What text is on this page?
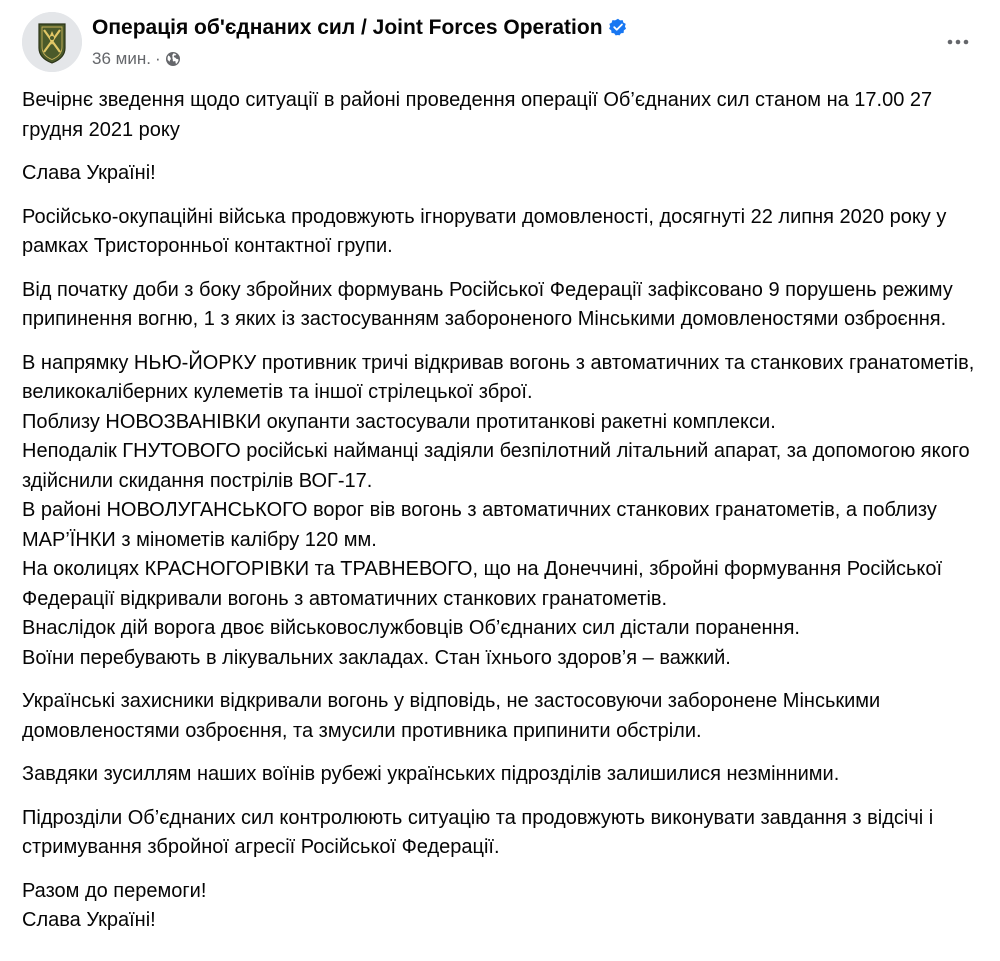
Операція об'єднаних сил / Joint Forces Operation
36 мин. ·

Вечірнє зведення щодо ситуації в районі проведення операції Об’єднаних сил станом на 17.00 27 грудня 2021 року

Слава Україні!

Російсько-окупаційні війська продовжують ігнорувати домовленості, досягнуті 22 липня 2020 року у рамках Тристоронньої контактної групи.

Від початку доби з боку збройних формувань Російської Федерації зафіксовано 9 порушень режиму припинення вогню, 1 з яких із застосуванням забороненого Мінськими домовленостями озброєння.

В напрямку НЬЮ-ЙОРКУ противник тричі відкривав вогонь з автоматичних та станкових гранатометів, великокаліберних кулеметів та іншої стрілецької зброї.
Поблизу НОВОЗВАНІВКИ окупанти застосували протитанкові ракетні комплекси.
Неподалік ГНУТОВОГО російські найманці задіяли безпілотний літальний апарат, за допомогою якого здійснили скидання пострілів ВОГ-17.
В районі НОВОЛУГАНСЬКОГО ворог вів вогонь з автоматичних станкових гранатометів, а поблизу МАР’ЇНКИ з мінометів калібру 120 мм.
На околицях КРАСНОГОРІВКИ та ТРАВНЕВОГО, що на Донеччині, збройні формування Російської Федерації відкривали вогонь з автоматичних станкових гранатометів.
Внаслідок дій ворога двоє військовослужбовців Об’єднаних сил дістали поранення.
Воїни перебувають в лікувальних закладах. Стан їхнього здоров’я – важкий.

Українські захисники відкривали вогонь у відповідь, не застосовуючи заборонене Мінськими домовленостями озброєння, та змусили противника припинити обстріли.

Завдяки зусиллям наших воїнів рубежі українських підрозділів залишилися незмінними.

Підрозділи Об’єднаних сил контролюють ситуацію та продовжують виконувати завдання з відсічі і стримування збройної агресії Російської Федерації.

Разом до перемоги!
Слава Україні!
